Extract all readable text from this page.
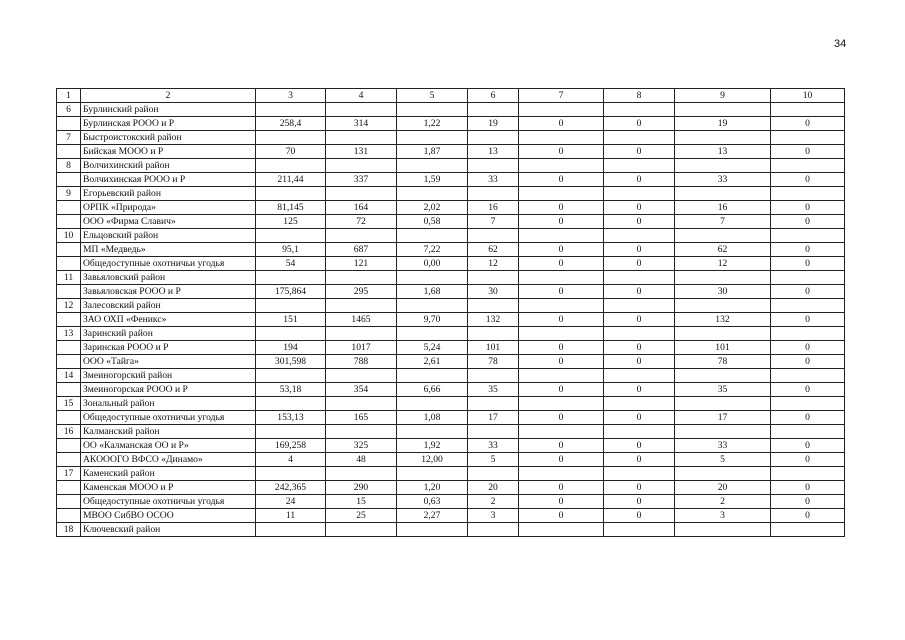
34
1	2	3	4	5	6	7	8	9	10
6	Бурлинский район								
	Бурлинская РООО и Р	258,4	314	1,22	19	0	0	19	0
7	Быстроистокский район								
	Бийская МООО и Р	70	131	1,87	13	0	0	13	0
8	Волчихинский район								
	Волчихинская РООО и Р	211,44	337	1,59	33	0	0	33	0
9	Егорьевский район								
	ОРПК «Природа»	81,145	164	2,02	16	0	0	16	0
	ООО «Фирма Славич»	125	72	0,58	7	0	0	7	0
10	Ельцовский район								
	МП «Медведь»	95,1	687	7,22	62	0	0	62	0
	Общедоступные охотничьи угодья	54	121	0,00	12	0	0	12	0
11	Завьяловский район								
	Завьяловская РООО и Р	175,864	295	1,68	30	0	0	30	0
12	Залесовский район								
	ЗАО ОХП «Феникс»	151	1465	9,70	132	0	0	132	0
13	Заринский район								
	Заринская РООО и Р	194	1017	5,24	101	0	0	101	0
	ООО «Тайга»	301,598	788	2,61	78	0	0	78	0
14	Змеиногорский район								
	Змеиногорская РООО и Р	53,18	354	6,66	35	0	0	35	0
15	Зональный район								
	Общедоступные охотничьи угодья	153,13	165	1,08	17	0	0	17	0
16	Калманский район								
	ОО «Калманская ОО и Р»	169,258	325	1,92	33	0	0	33	0
	АКОООГО ВФСО «Динамо»	4	48	12,00	5	0	0	5	0
17	Каменский район								
	Каменская МООО и Р	242,365	290	1,20	20	0	0	20	0
	Общедоступные охотничьи угодья	24	15	0,63	2	0	0	2	0
	МВОО СибВО ОСОО	11	25	2,27	3	0	0	3	0
18	Ключевский район								
